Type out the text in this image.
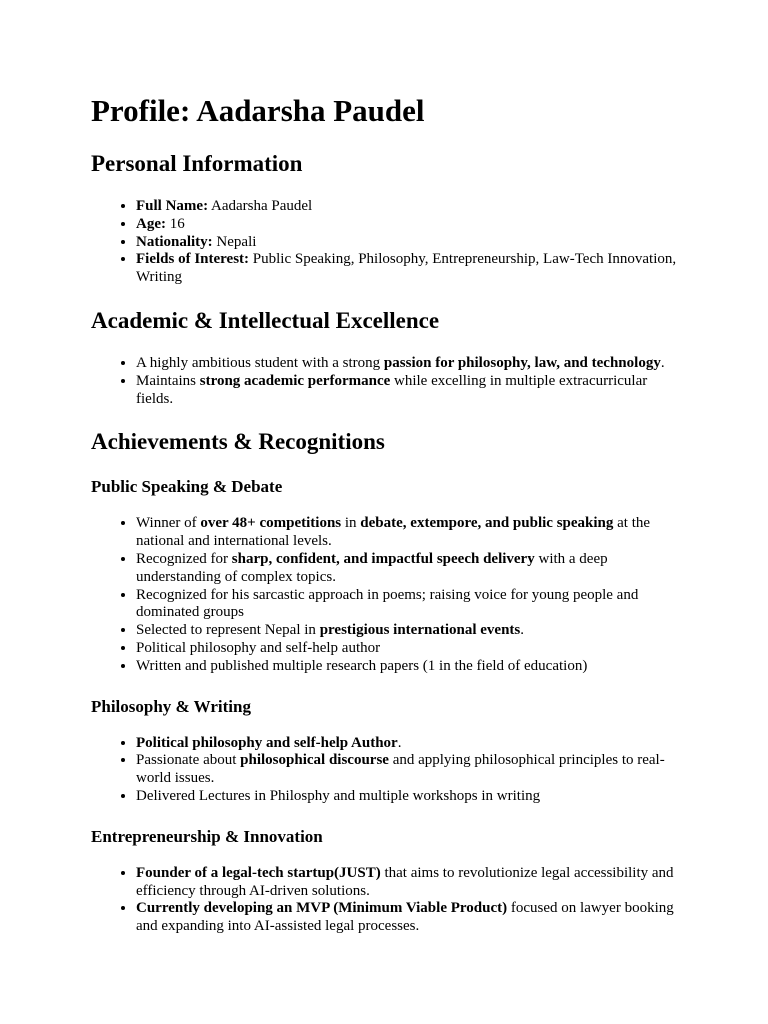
Profile: Aadarsha Paudel
Personal Information
• Full Name: Aadarsha Paudel
• Age: 16
• Nationality: Nepali
• Fields of Interest: Public Speaking, Philosophy, Entrepreneurship, Law-Tech Innovation, Writing
Academic & Intellectual Excellence
• A highly ambitious student with a strong passion for philosophy, law, and technology.
• Maintains strong academic performance while excelling in multiple extracurricular fields.
Achievements & Recognitions
Public Speaking & Debate
• Winner of over 48+ competitions in debate, extempore, and public speaking at the national and international levels.
• Recognized for sharp, confident, and impactful speech delivery with a deep understanding of complex topics.
• Recognized for his sarcastic approach in poems; raising voice for young people and dominated groups
• Selected to represent Nepal in prestigious international events.
• Political philosophy and self-help author
• Written and published multiple research papers (1 in the field of education)
Philosophy & Writing
• Political philosophy and self-help Author.
• Passionate about philosophical discourse and applying philosophical principles to real-world issues.
• Delivered Lectures in Philosphy and multiple workshops in writing
Entrepreneurship & Innovation
• Founder of a legal-tech startup(JUST) that aims to revolutionize legal accessibility and efficiency through AI-driven solutions.
• Currently developing an MVP (Minimum Viable Product) focused on lawyer booking and expanding into AI-assisted legal processes.
